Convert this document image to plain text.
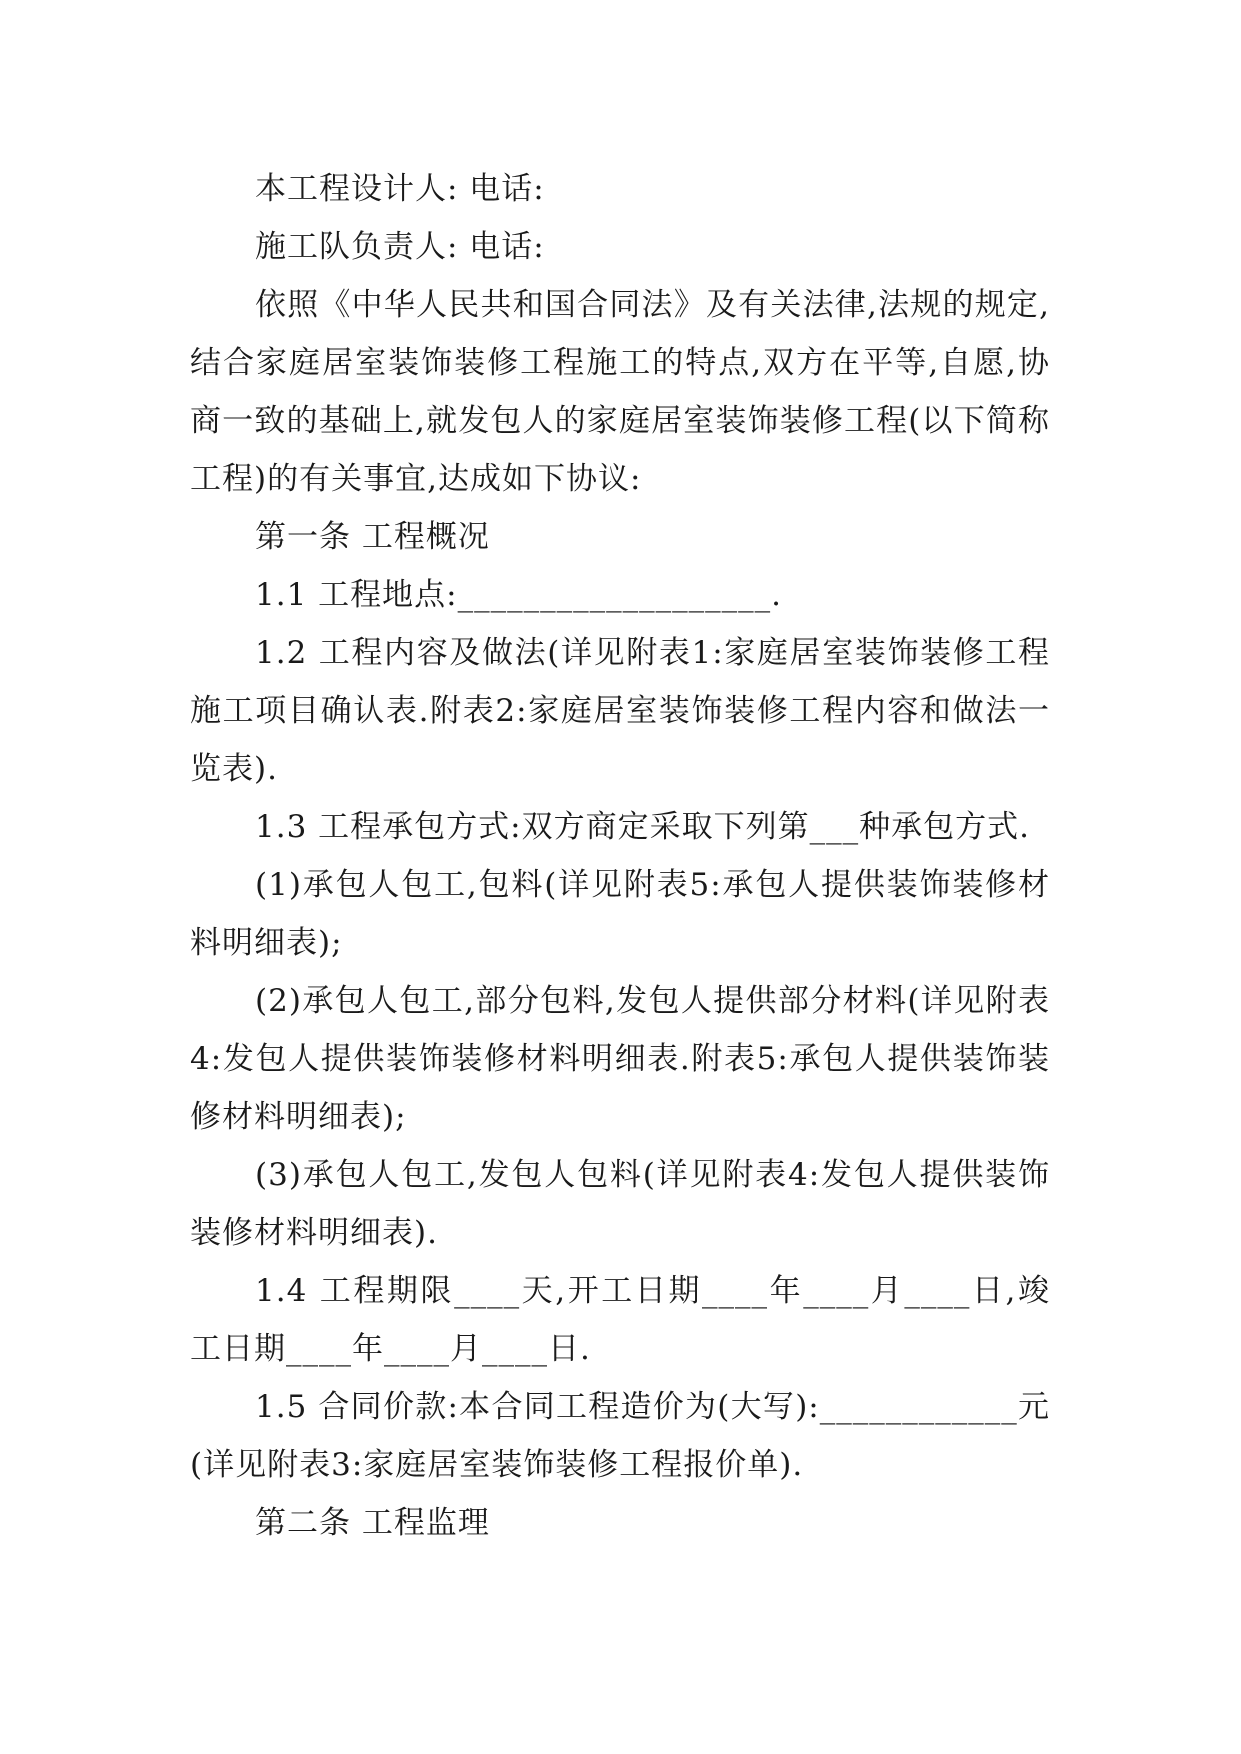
本工程设计人: 电话:

施工队负责人: 电话:

依照《中华人民共和国合同法》及有关法律,法规的规定,结合家庭居室装饰装修工程施工的特点,双方在平等,自愿,协商一致的基础上,就发包人的家庭居室装饰装修工程(以下简称工程)的有关事宜,达成如下协议:

第一条 工程概况

1.1 工程地点:___________________.

1.2 工程内容及做法(详见附表1:家庭居室装饰装修工程施工项目确认表.附表2:家庭居室装饰装修工程内容和做法一览表).

1.3 工程承包方式:双方商定采取下列第___种承包方式.

(1)承包人包工,包料(详见附表5:承包人提供装饰装修材料明细表);

(2)承包人包工,部分包料,发包人提供部分材料(详见附表4:发包人提供装饰装修材料明细表.附表5:承包人提供装饰装修材料明细表);

(3)承包人包工,发包人包料(详见附表4:发包人提供装饰装修材料明细表).

1.4 工程期限____天,开工日期____年____月____日,竣工日期____年____月____日.

1.5 合同价款:本合同工程造价为(大写):____________元(详见附表3:家庭居室装饰装修工程报价单).

第二条 工程监理
